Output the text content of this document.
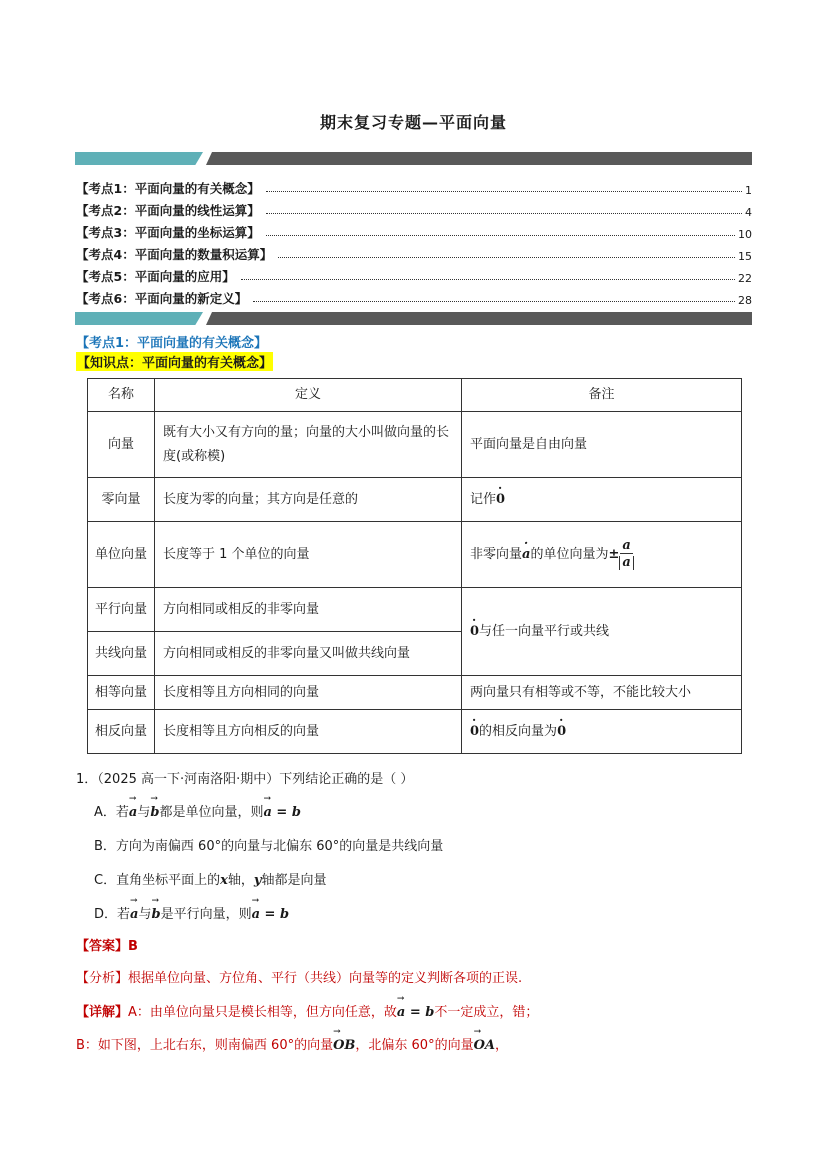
期末复习专题—平面向量
【考点1：平面向量的有关概念】	1
【考点2：平面向量的线性运算】	4
【考点3：平面向量的坐标运算】	10
【考点4：平面向量的数量积运算】	15
【考点5：平面向量的应用】	22
【考点6：平面向量的新定义】	28
【考点1：平面向量的有关概念】
【知识点：平面向量的有关概念】
名称	定义	备注
向量	既有大小又有方向的量；向量的大小叫做向量的长度(或称模)	平面向量是自由向量
零向量	长度为零的向量；其方向是任意的	记作· 0
单位向量	长度等于 1 个单位的向量	非零向量· a的单位向量为± $\frac{a}{a}$

平行向量	方向相同或相反的非零向量	· 0与任一向量平行或共线
共线向量	方向相同或相反的非零向量又叫做共线向量	
相等向量	长度相等且方向相同的向量	两向量只有相等或不等，不能比较大小
相反向量	长度相等且方向相反的向量	· 0的相反向量为· 0
1．（2025 高一下·河南洛阳·期中）下列结论正确的是（ ）
A．若→ a与→ b都是单位向量，则→ a = b
B．方向为南偏西 60°的向量与北偏东 60°的向量是共线向量
C．直角坐标平面上的x轴，y轴都是向量
D．若→ a与→ b是平行向量，则→ a = b
【答案】B
【分析】根据单位向量、方位角、平行（共线）向量等的定义判断各项的正误.
【详解】A：由单位向量只是模长相等，但方向任意，故→ a = b不一定成立，错；
B：如下图，上北右东，则南偏西 60°的向量→ OB，北偏东 60°的向量→ OA，
